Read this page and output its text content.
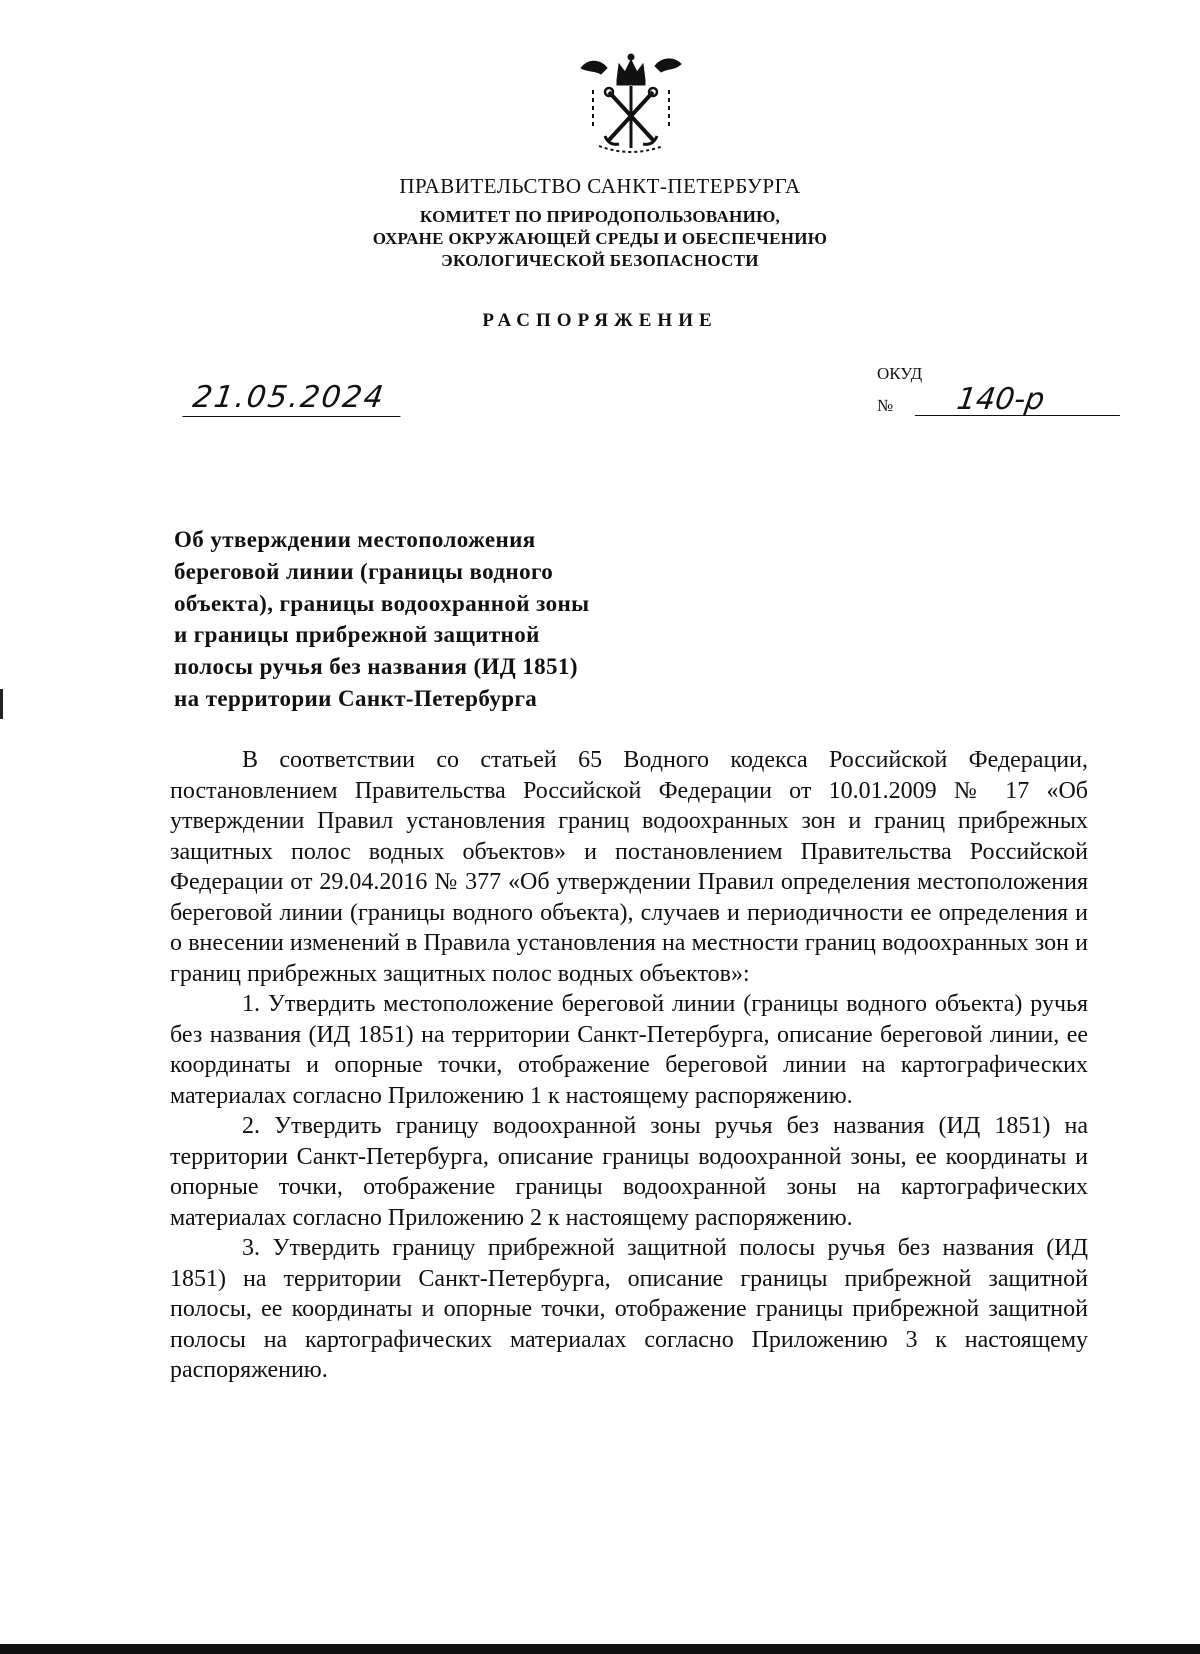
ПРАВИТЕЛЬСТВО САНКТ-ПЕТЕРБУРГА
КОМИТЕТ ПО ПРИРОДОПОЛЬЗОВАНИЮ,
ОХРАНЕ ОКРУЖАЮЩЕЙ СРЕДЫ И ОБЕСПЕЧЕНИЮ
ЭКОЛОГИЧЕСКОЙ БЕЗОПАСНОСТИ
РАСПОРЯЖЕНИЕ
21.05.2024
ОКУД
№ 140-р
Об утверждении местоположения
береговой линии (границы водного
объекта), границы водоохранной зоны
и границы прибрежной защитной
полосы ручья без названия (ИД 1851)
на территории Санкт-Петербурга

В соответствии со статьей 65 Водного кодекса Российской Федерации, постановлением Правительства Российской Федерации от 10.01.2009 № 17 «Об утверждении Правил установления границ водоохранных зон и границ прибрежных защитных полос водных объектов» и постановлением Правительства Российской Федерации от 29.04.2016 № 377 «Об утверждении Правил определения местоположения береговой линии (границы водного объекта), случаев и периодичности ее определения и о внесении изменений в Правила установления на местности границ водоохранных зон и границ прибрежных защитных полос водных объектов»:

1. Утвердить местоположение береговой линии (границы водного объекта) ручья без названия (ИД 1851) на территории Санкт-Петербурга, описание береговой линии, ее координаты и опорные точки, отображение береговой линии на картографических материалах согласно Приложению 1 к настоящему распоряжению.

2. Утвердить границу водоохранной зоны ручья без названия (ИД 1851) на территории Санкт-Петербурга, описание границы водоохранной зоны, ее координаты и опорные точки, отображение границы водоохранной зоны на картографических материалах согласно Приложению 2 к настоящему распоряжению.

3. Утвердить границу прибрежной защитной полосы ручья без названия (ИД 1851) на территории Санкт-Петербурга, описание границы прибрежной защитной полосы, ее координаты и опорные точки, отображение границы прибрежной защитной полосы на картографических материалах согласно Приложению 3 к настоящему распоряжению.
